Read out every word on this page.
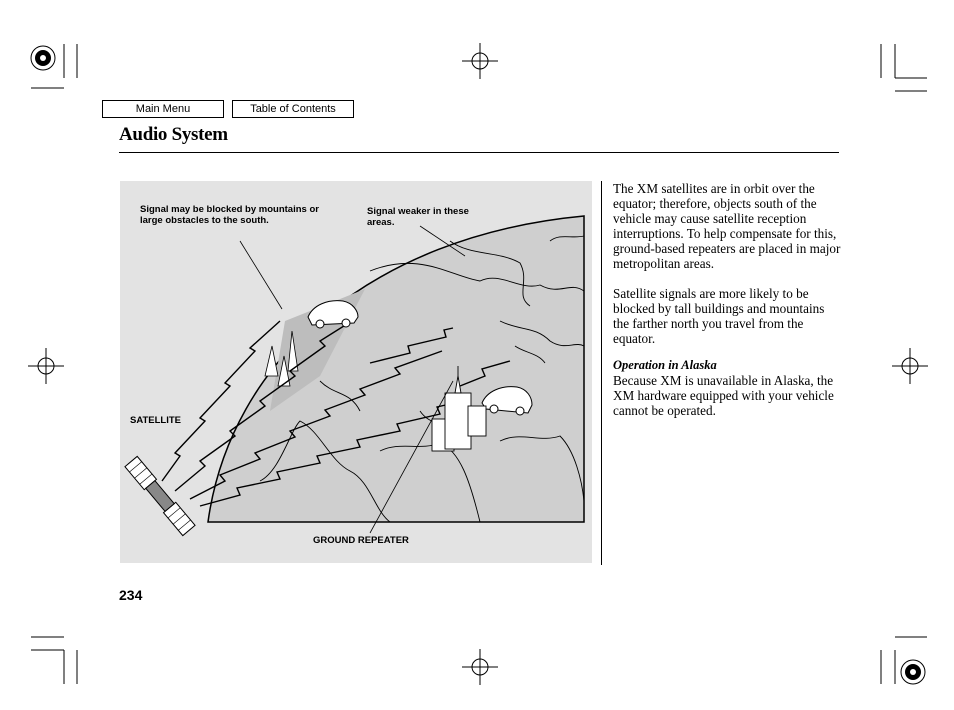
Main Menu	Table of Contents
Audio System

Signal may be blocked by mountains or large obstacles to the south.

Signal weaker in these areas.

SATELLITE

GROUND REPEATER

The XM satellites are in orbit over the equator; therefore, objects south of the vehicle may cause satellite reception interruptions. To help compensate for this, ground-based repeaters are placed in major metropolitan areas.

Satellite signals are more likely to be blocked by tall buildings and mountains the farther north you travel from the equator.

Operation in Alaska

Because XM is unavailable in Alaska, the XM hardware equipped with your vehicle cannot be operated.

234
